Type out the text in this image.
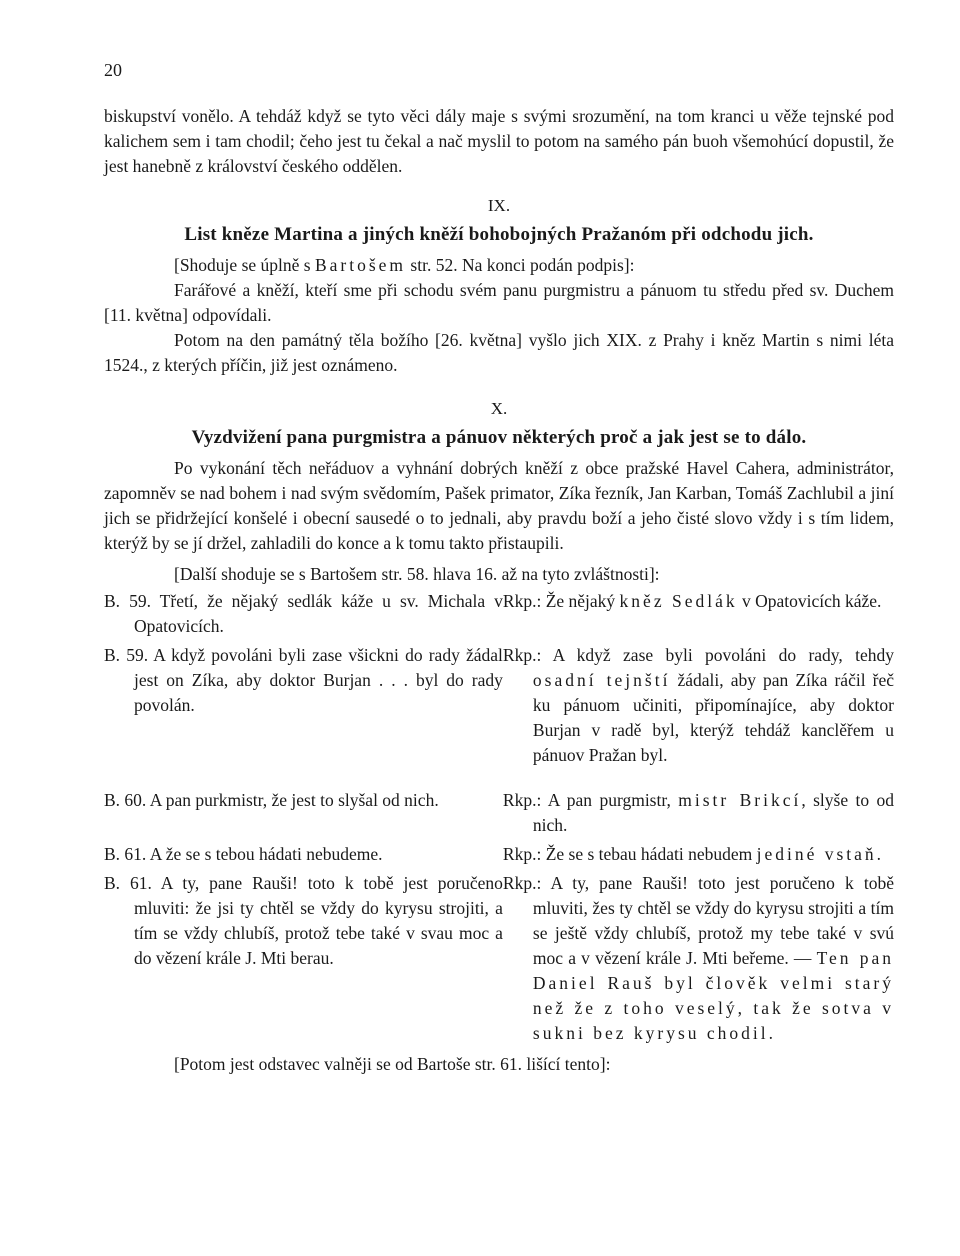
20

biskupství vonělo. A tehdáž když se tyto věci dály maje s svými srozumění, na tom kranci u věže tejnské pod kalichem sem i tam chodil; čeho jest tu čekal a nač myslil to potom na samého pán buoh všemohúcí dopustil, že jest hanebně z království českého oddělen.

IX.
List kněze Martina a jiných kněží bohobojných Pražanóm při odchodu jich.

[Shoduje se úplně s Bartošem str. 52. Na konci podán podpis]:

Farářové a kněží, kteří sme při schodu svém panu purgmistru a pánuom tu středu před sv. Duchem [11. května] odpovídali.

Potom na den památný těla božího [26. května] vyšlo jich XIX. z Prahy i kněz Martin s nimi léta 1524., z kterých příčin, již jest oznámeno.

X.
Vyzdvižení pana purgmistra a pánuov některých proč a jak jest se to dálo.

Po vykonání těch neřáduov a vyhnání dobrých kněží z obce pražské Havel Cahera, administrátor, zapomněv se nad bohem i nad svým svědomím, Pašek primator, Zíka řezník, Jan Karban, Tomáš Zachlubil a jiní jich se přidržející konšelé i obecní sausedé o to jednali, aby pravdu boží a jeho čisté slovo vždy i s tím lidem, kterýž by se jí držel, zahladili do konce a k tomu takto přistaupili.

[Další shoduje se s Bartošem str. 58. hlava 16. až na tyto zvláštnosti]:

B. 59. Třetí, že nějaký sedlák káže u sv. Michala v Opatovicích.
Rkp.: Že nějaký kněz Sedlák v Opatovicích káže.
B. 59. A když povoláni byli zase všickni do rady žádal jest on Zíka, aby doktor Burjan . . . byl do rady povolán.
Rkp.: A když zase byli povoláni do rady, tehdy osadní tejnští žádali, aby pan Zíka ráčil řeč ku pánuom učiniti, připomínajíce, aby doktor Burjan v radě byl, kterýž tehdáž kanclěřem u pánuov Pražan byl.
B. 60. A pan purkmistr, že jest to slyšal od nich.	Rkp.: A pan purgmistr, mistr Brikcí, slyše to od nich.
B. 61. A že se s tebou hádati nebudeme.	Rkp.: Že se s tebau hádati nebudem jediné vstaň.
B. 61. A ty, pane Rauši! toto k tobě jest poručeno mluviti: že jsi ty chtěl se vždy do kyrysu strojiti, a tím se vždy chlubíš, protož tebe také v svau moc a do vězení krále J. Mti berau.
Rkp.: A ty, pane Rauši! toto jest poručeno k tobě mluviti, žes ty chtěl se vždy do kyrysu strojiti a tím se ještě vždy chlubíš, protož my tebe také v svú moc a v vězení krále J. Mti beřeme. — Ten pan Daniel Rauš byl člověk velmi starý než že z toho veselý, tak že sotva v sukni bez kyrysu chodil.

[Potom jest odstavec valněji se od Bartoše str. 61. lišící tento]:
